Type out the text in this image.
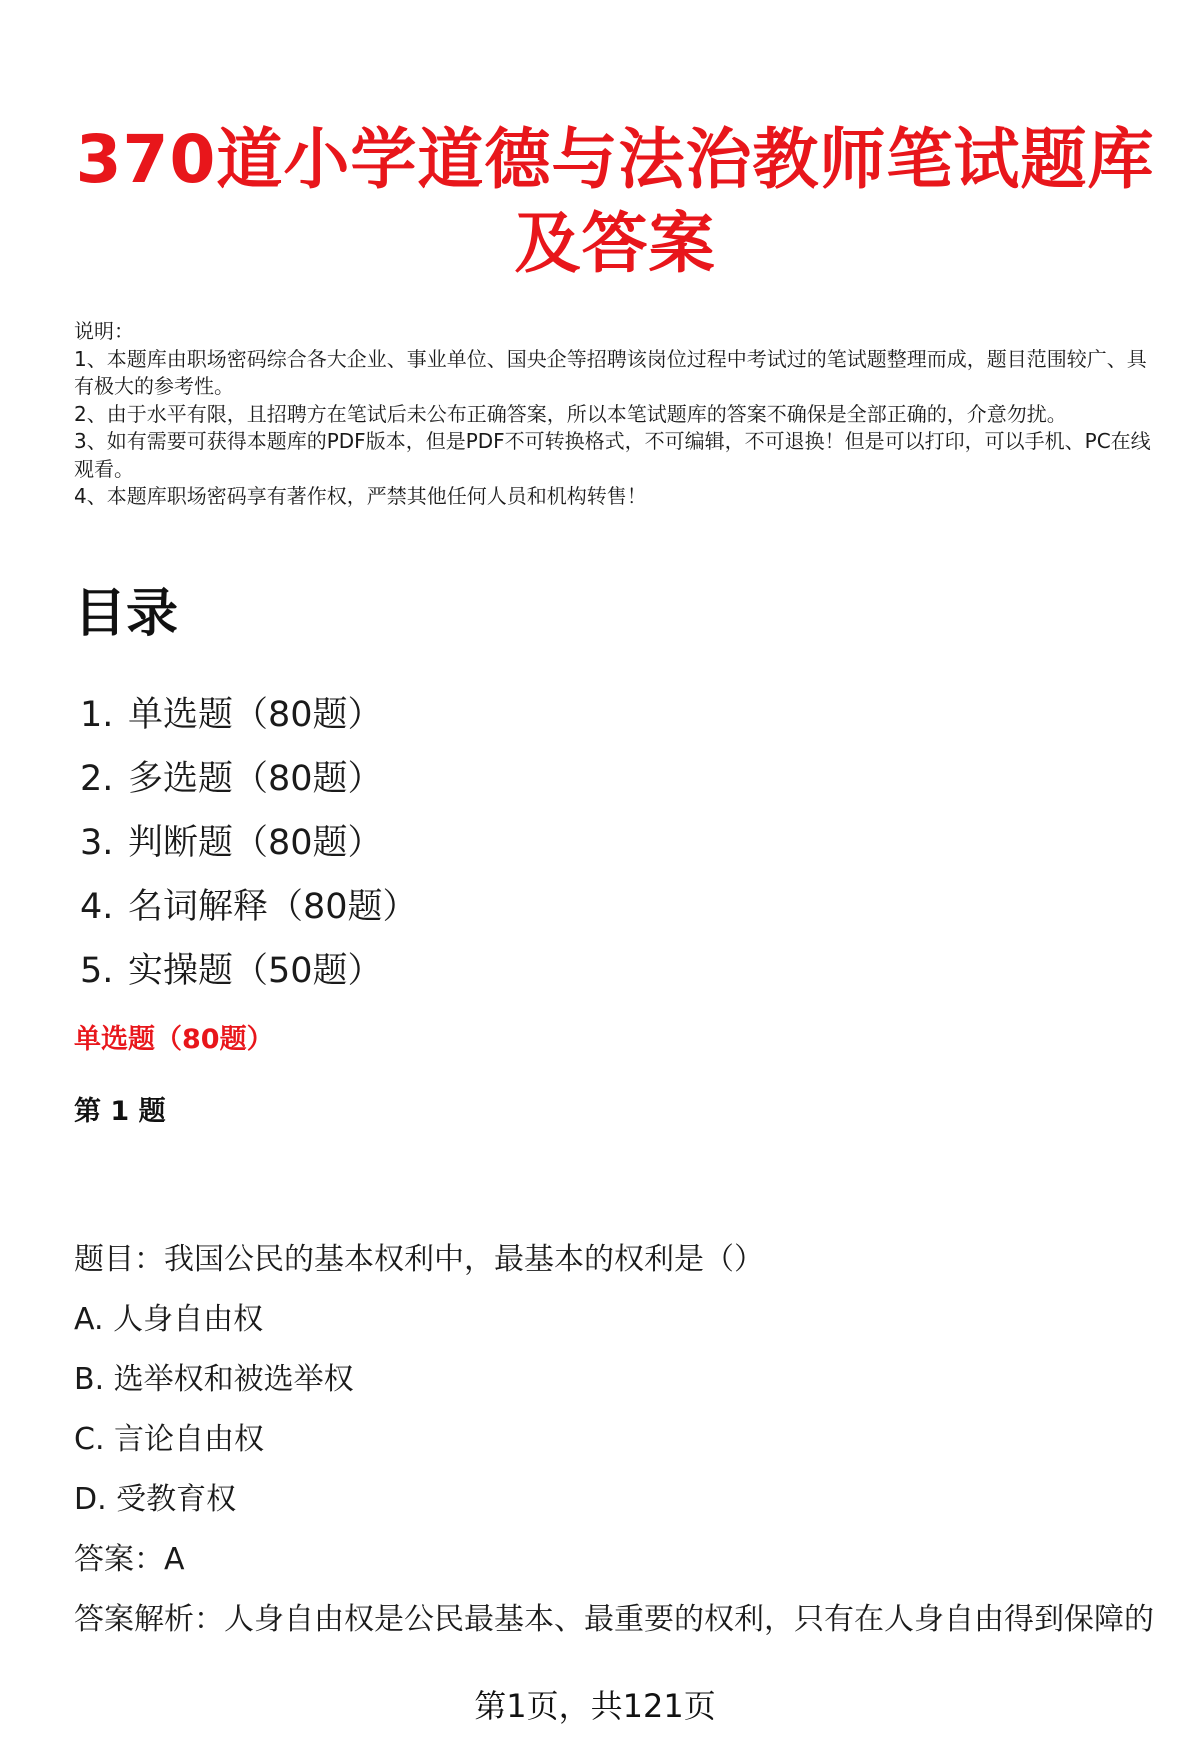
370道小学道德与法治教师笔试题库及答案
说明：
1、本题库由职场密码综合各大企业、事业单位、国央企等招聘该岗位过程中考试过的笔试题整理而成，题目范围较广、具有极大的参考性。
2、由于水平有限，且招聘方在笔试后未公布正确答案，所以本笔试题库的答案不确保是全部正确的，介意勿扰。
3、如有需要可获得本题库的PDF版本，但是PDF不可转换格式，不可编辑，不可退换！但是可以打印，可以手机、PC在线观看。
4、本题库职场密码享有著作权，严禁其他任何人员和机构转售！
目录
1. 单选题（80题）
2. 多选题（80题）
3. 判断题（80题）
4. 名词解释（80题）
5. 实操题（50题）
单选题（80题）
第 1 题
题目：我国公民的基本权利中，最基本的权利是（）
A. 人身自由权
B. 选举权和被选举权
C. 言论自由权
D. 受教育权
答案：A
答案解析：人身自由权是公民最基本、最重要的权利，只有在人身自由得到保障的
第1页，共121页
